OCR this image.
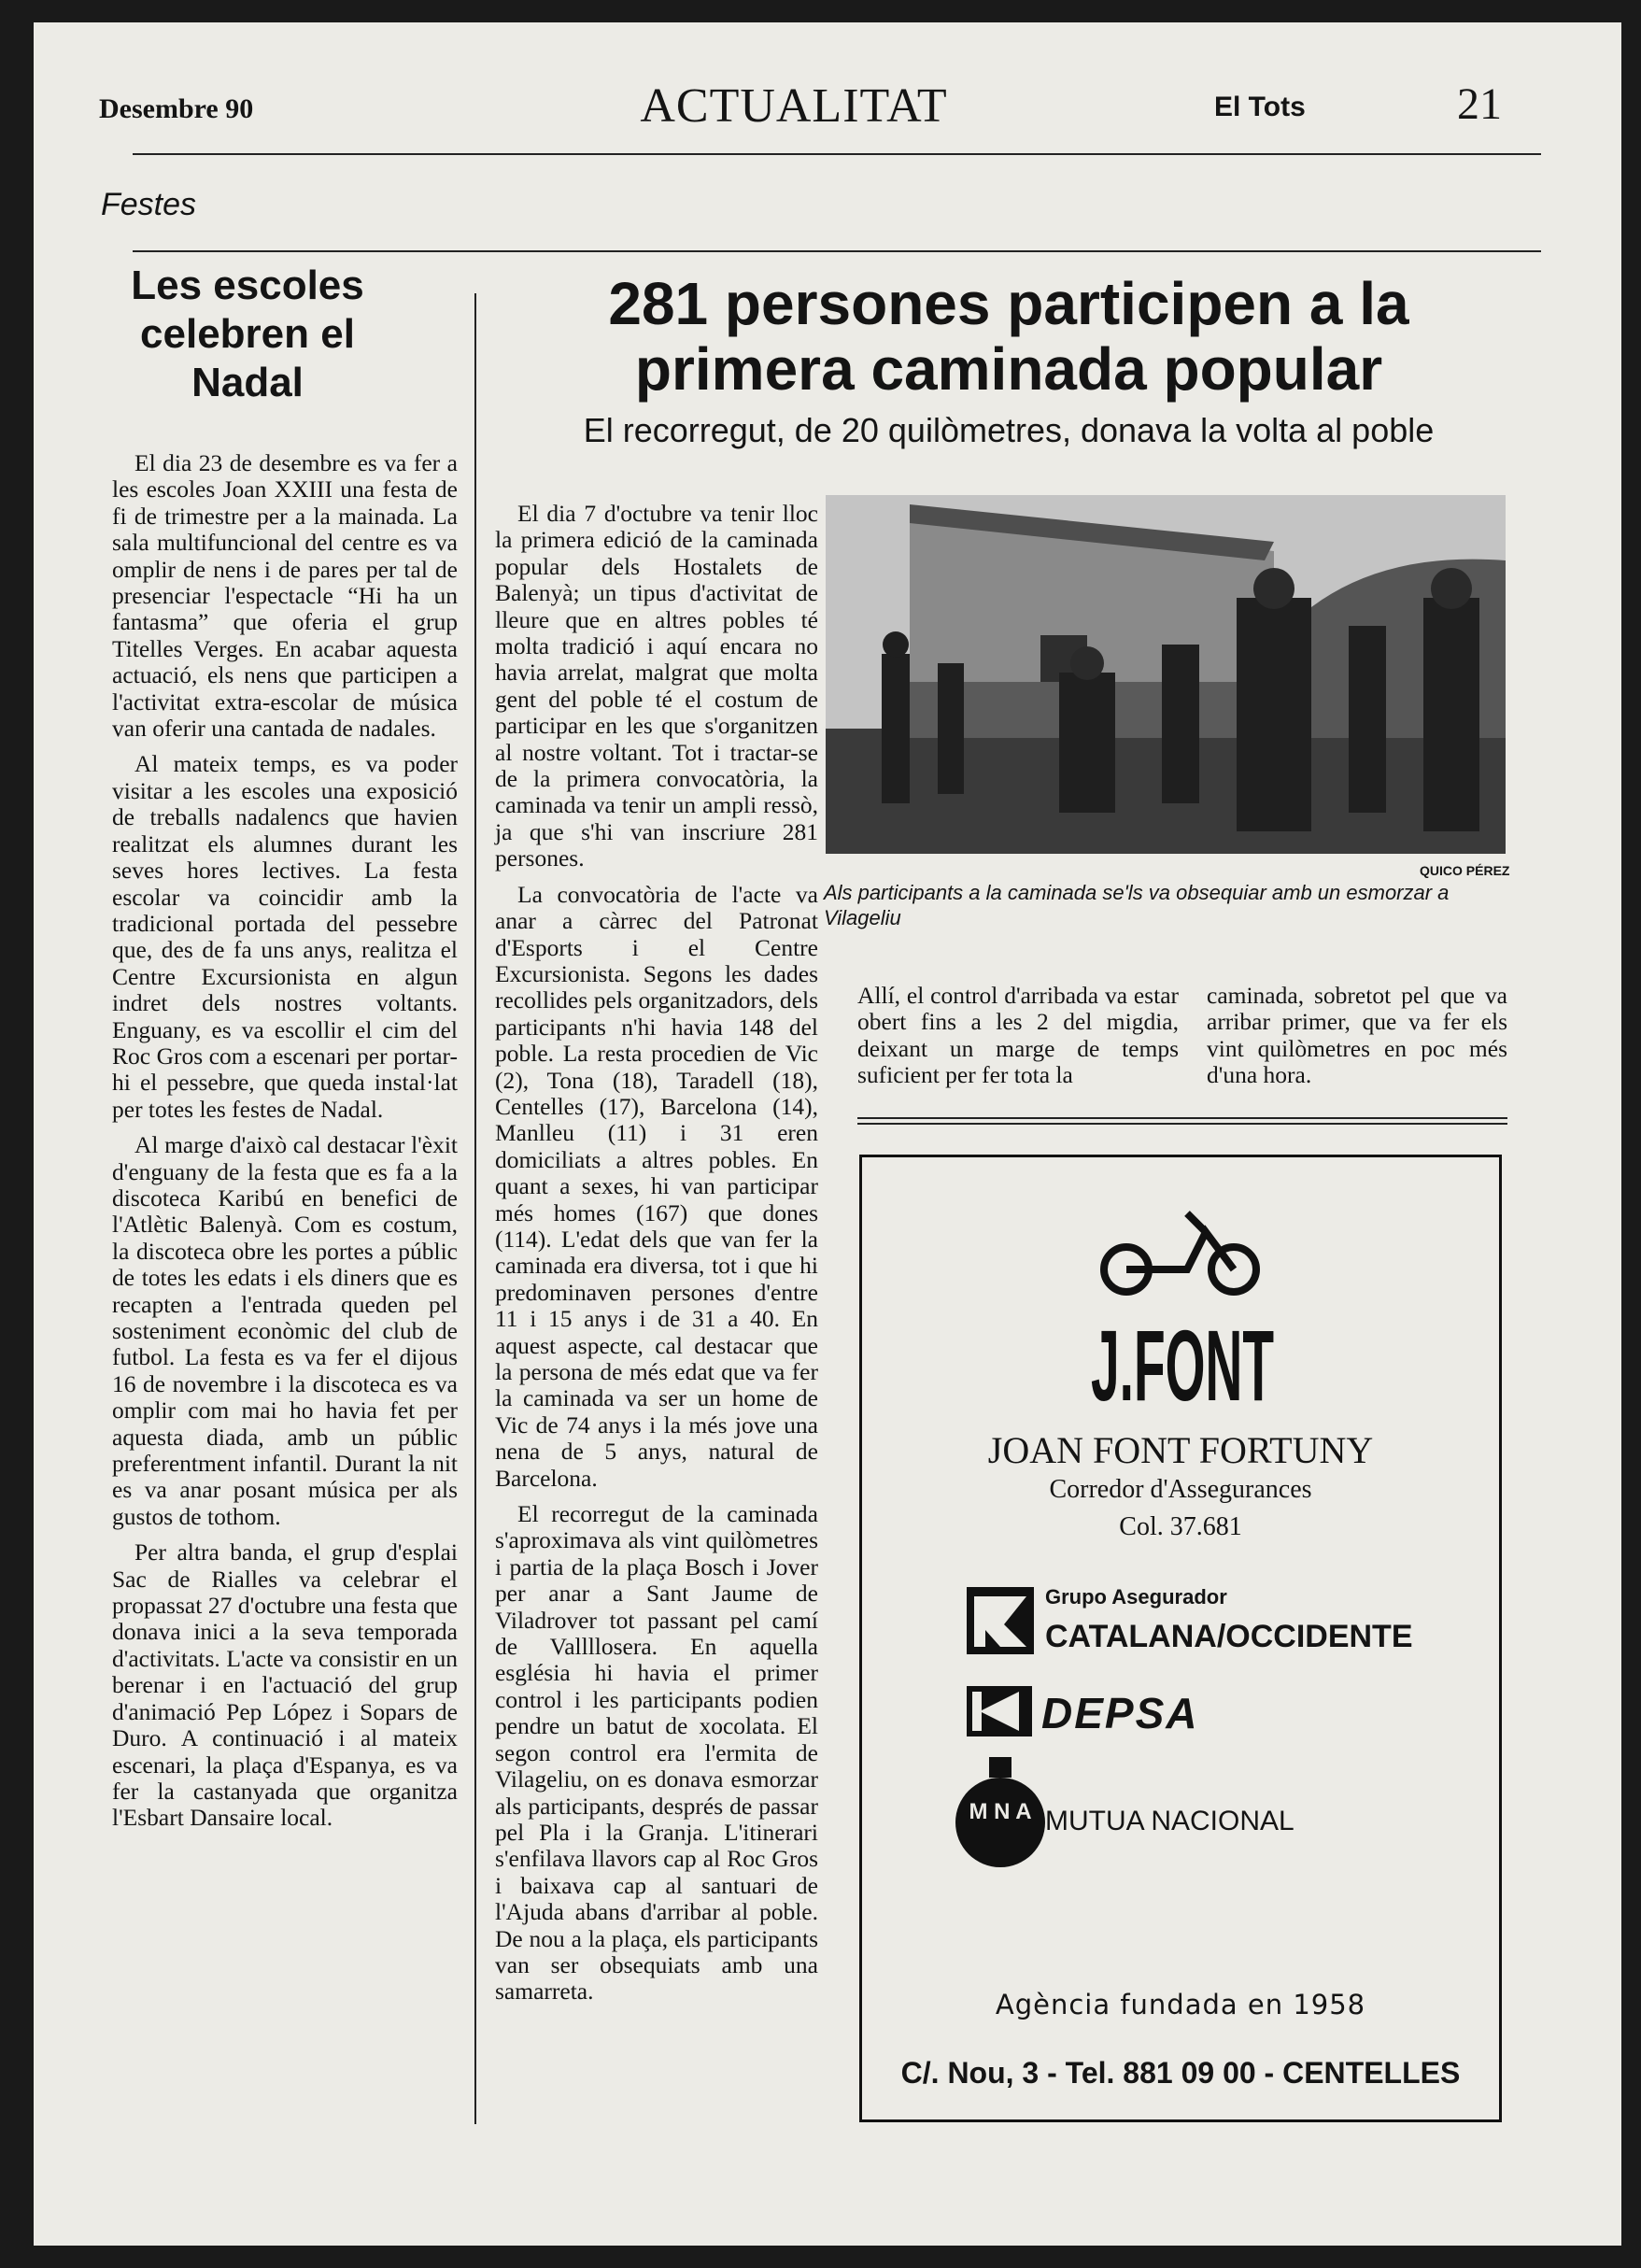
Desembre 90	ACTUALITAT	El Tots	21
Festes
Les escoles celebren el Nadal

El dia 23 de desembre es va fer a les escoles Joan XXIII una festa de fi de trimestre per a la mainada. La sala multifuncional del centre es va omplir de nens i de pares per tal de presenciar l'espectacle “Hi ha un fantasma” que oferia el grup Titelles Verges. En acabar aquesta actuació, els nens que participen a l'activitat extra-escolar de música van oferir una cantada de nadales.

Al mateix temps, es va poder visitar a les escoles una exposició de treballs nadalencs que havien realitzat els alumnes durant les seves hores lectives. La festa escolar va coincidir amb la tradicional portada del pessebre que, des de fa uns anys, realitza el Centre Excursionista en algun indret dels nostres voltants. Enguany, es va escollir el cim del Roc Gros com a escenari per portar-hi el pessebre, que queda instal·lat per totes les festes de Nadal.

Al marge d'això cal destacar l'èxit d'enguany de la festa que es fa a la discoteca Karibú en benefici de l'Atlètic Balenyà. Com es costum, la discoteca obre les portes a públic de totes les edats i els diners que es recapten a l'entrada queden pel sosteniment econòmic del club de futbol. La festa es va fer el dijous 16 de novembre i la discoteca es va omplir com mai ho havia fet per aquesta diada, amb un públic preferentment infantil. Durant la nit es va anar posant música per als gustos de tothom.

Per altra banda, el grup d'esplai Sac de Rialles va celebrar el propassat 27 d'octubre una festa que donava inici a la seva temporada d'activitats. L'acte va consistir en un berenar i en l'actuació del grup d'animació Pep López i Sopars de Duro. A continuació i al mateix escenari, la plaça d'Espanya, es va fer la castanyada que organitza l'Esbart Dansaire local.

281 persones participen a la primera caminada popular
El recorregut, de 20 quilòmetres, donava la volta al poble

El dia 7 d'octubre va tenir lloc la primera edició de la caminada popular dels Hostalets de Balenyà; un tipus d'activitat de lleure que en altres pobles té molta tradició i aquí encara no havia arrelat, malgrat que molta gent del poble té el costum de participar en les que s'organitzen al nostre voltant. Tot i tractar-se de la primera convocatòria, la caminada va tenir un ampli ressò, ja que s'hi van inscriure 281 persones.

La convocatòria de l'acte va anar a càrrec del Patronat d'Esports i el Centre Excursionista. Segons les dades recollides pels organitzadors, dels participants n'hi havia 148 del poble. La resta procedien de Vic (2), Tona (18), Taradell (18), Centelles (17), Barcelona (14), Manlleu (11) i 31 eren domiciliats a altres pobles. En quant a sexes, hi van participar més homes (167) que dones (114). L'edat dels que van fer la caminada era diversa, tot i que hi predominaven persones d'entre 11 i 15 anys i de 31 a 40. En aquest aspecte, cal destacar que la persona de més edat que va fer la caminada va ser un home de Vic de 74 anys i la més jove una nena de 5 anys, natural de Barcelona.

El recorregut de la caminada s'aproximava als vint quilòmetres i partia de la plaça Bosch i Jover per anar a Sant Jaume de Viladrover tot passant pel camí de Vallllosera. En aquella església hi havia el primer control i les participants podien pendre un batut de xocolata. El segon control era l'ermita de Vilageliu, on es donava esmorzar als participants, després de passar pel Pla i la Granja. L'itinerari s'enfilava llavors cap al Roc Gros i baixava cap al santuari de l'Ajuda abans d'arribar al poble. De nou a la plaça, els participants van ser obsequiats amb una samarreta.

QUICO PÉREZ
Als participants a la caminada se'ls va obsequiar amb un esmorzar a Vilageliu

Allí, el control d'arribada va estar obert fins a les 2 del migdia, deixant un marge de temps suficient per fer tota la

caminada, sobretot pel que va arribar primer, que va fer els vint quilòmetres en poc més d'una hora.

J.FONT
JOAN FONT FORTUNY
Corredor d'Assegurances
Col. 37.681
Grupo Asegurador
CATALANA/OCCIDENTE
DEPSA
M N A MUTUA NACIONAL
Agència fundada en 1958
C/. Nou, 3 - Tel. 881 09 00 - CENTELLES
